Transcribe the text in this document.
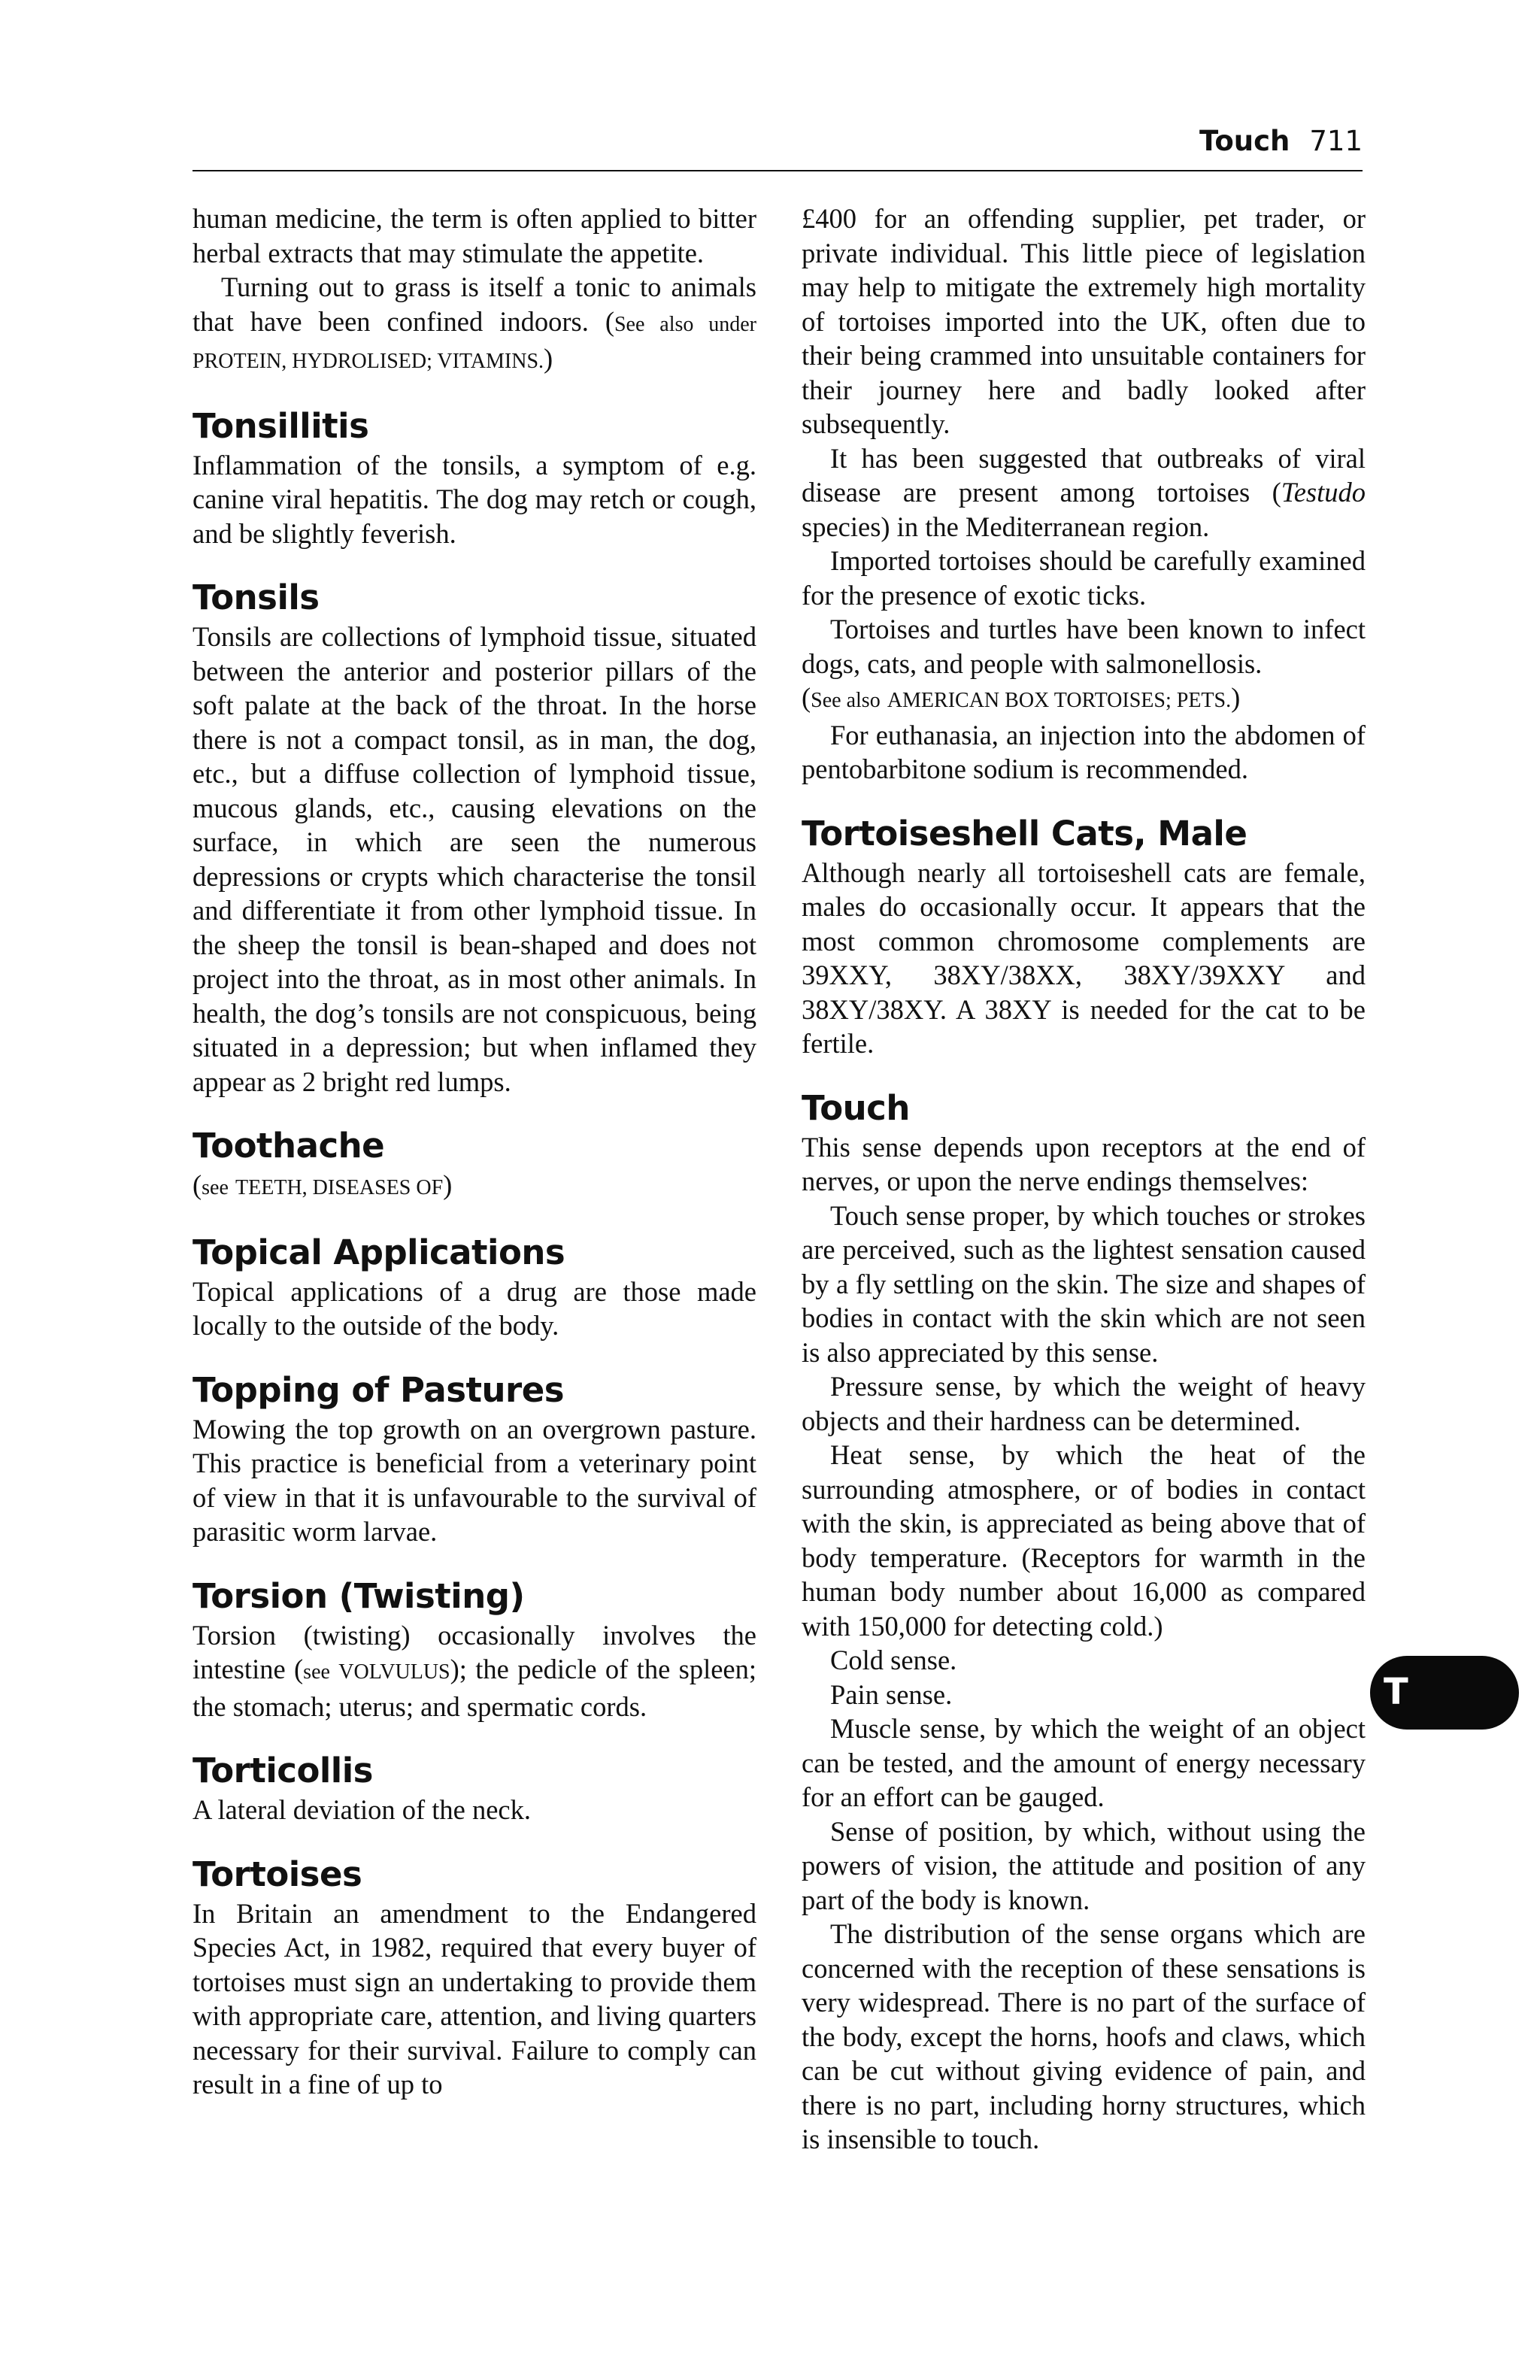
Touch 711

human medicine, the term is often applied to bitter herbal extracts that may stimulate the appetite.

Turning out to grass is itself a tonic to animals that have been confined indoors. (See also under PROTEIN, HYDROLISED; VITAMINS.)

Tonsillitis

Inflammation of the tonsils, a symptom of e.g. canine viral hepatitis. The dog may retch or cough, and be slightly feverish.

Tonsils

Tonsils are collections of lymphoid tissue, situated between the anterior and posterior pillars of the soft palate at the back of the throat. In the horse there is not a compact tonsil, as in man, the dog, etc., but a diffuse collection of lymphoid tissue, mucous glands, etc., causing elevations on the surface, in which are seen the numerous depressions or crypts which characterise the tonsil and differentiate it from other lymphoid tissue. In the sheep the tonsil is bean-shaped and does not project into the throat, as in most other animals. In health, the dog’s tonsils are not conspicuous, being situated in a depression; but when inflamed they appear as 2 bright red lumps.

Toothache

(see TEETH, DISEASES OF)

Topical Applications

Topical applications of a drug are those made locally to the outside of the body.

Topping of Pastures

Mowing the top growth on an overgrown pasture. This practice is beneficial from a veterinary point of view in that it is unfavourable to the survival of parasitic worm larvae.

Torsion (Twisting)

Torsion (twisting) occasionally involves the intestine (see VOLVULUS); the pedicle of the spleen; the stomach; uterus; and spermatic cords.

Torticollis

A lateral deviation of the neck.

Tortoises

In Britain an amendment to the Endangered Species Act, in 1982, required that every buyer of tortoises must sign an undertaking to provide them with appropriate care, attention, and living quarters necessary for their survival. Failure to comply can result in a fine of up to

£400 for an offending supplier, pet trader, or private individual. This little piece of legislation may help to mitigate the extremely high mortality of tortoises imported into the UK, often due to their being crammed into unsuitable containers for their journey here and badly looked after subsequently.

It has been suggested that outbreaks of viral disease are present among tortoises (Testudo species) in the Mediterranean region.

Imported tortoises should be carefully examined for the presence of exotic ticks.

Tortoises and turtles have been known to infect dogs, cats, and people with salmonellosis.

(See also AMERICAN BOX TORTOISES; PETS.)

For euthanasia, an injection into the abdomen of pentobarbitone sodium is recommended.

Tortoiseshell Cats, Male

Although nearly all tortoiseshell cats are female, males do occasionally occur. It appears that the most common chromosome complements are 39XXY, 38XY/38XX, 38XY/39XXY and 38XY/38XY. A 38XY is needed for the cat to be fertile.

Touch

This sense depends upon receptors at the end of nerves, or upon the nerve endings themselves:

Touch sense proper, by which touches or strokes are perceived, such as the lightest sensation caused by a fly settling on the skin. The size and shapes of bodies in contact with the skin which are not seen is also appreciated by this sense.

Pressure sense, by which the weight of heavy objects and their hardness can be determined.

Heat sense, by which the heat of the surrounding atmosphere, or of bodies in contact with the skin, is appreciated as being above that of body temperature. (Receptors for warmth in the human body number about 16,000 as compared with 150,000 for detecting cold.)

Cold sense.

Pain sense.

Muscle sense, by which the weight of an object can be tested, and the amount of energy necessary for an effort can be gauged.

Sense of position, by which, without using the powers of vision, the attitude and position of any part of the body is known.

The distribution of the sense organs which are concerned with the reception of these sensations is very widespread. There is no part of the surface of the body, except the horns, hoofs and claws, which can be cut without giving evidence of pain, and there is no part, including horny structures, which is insensible to touch.

T
